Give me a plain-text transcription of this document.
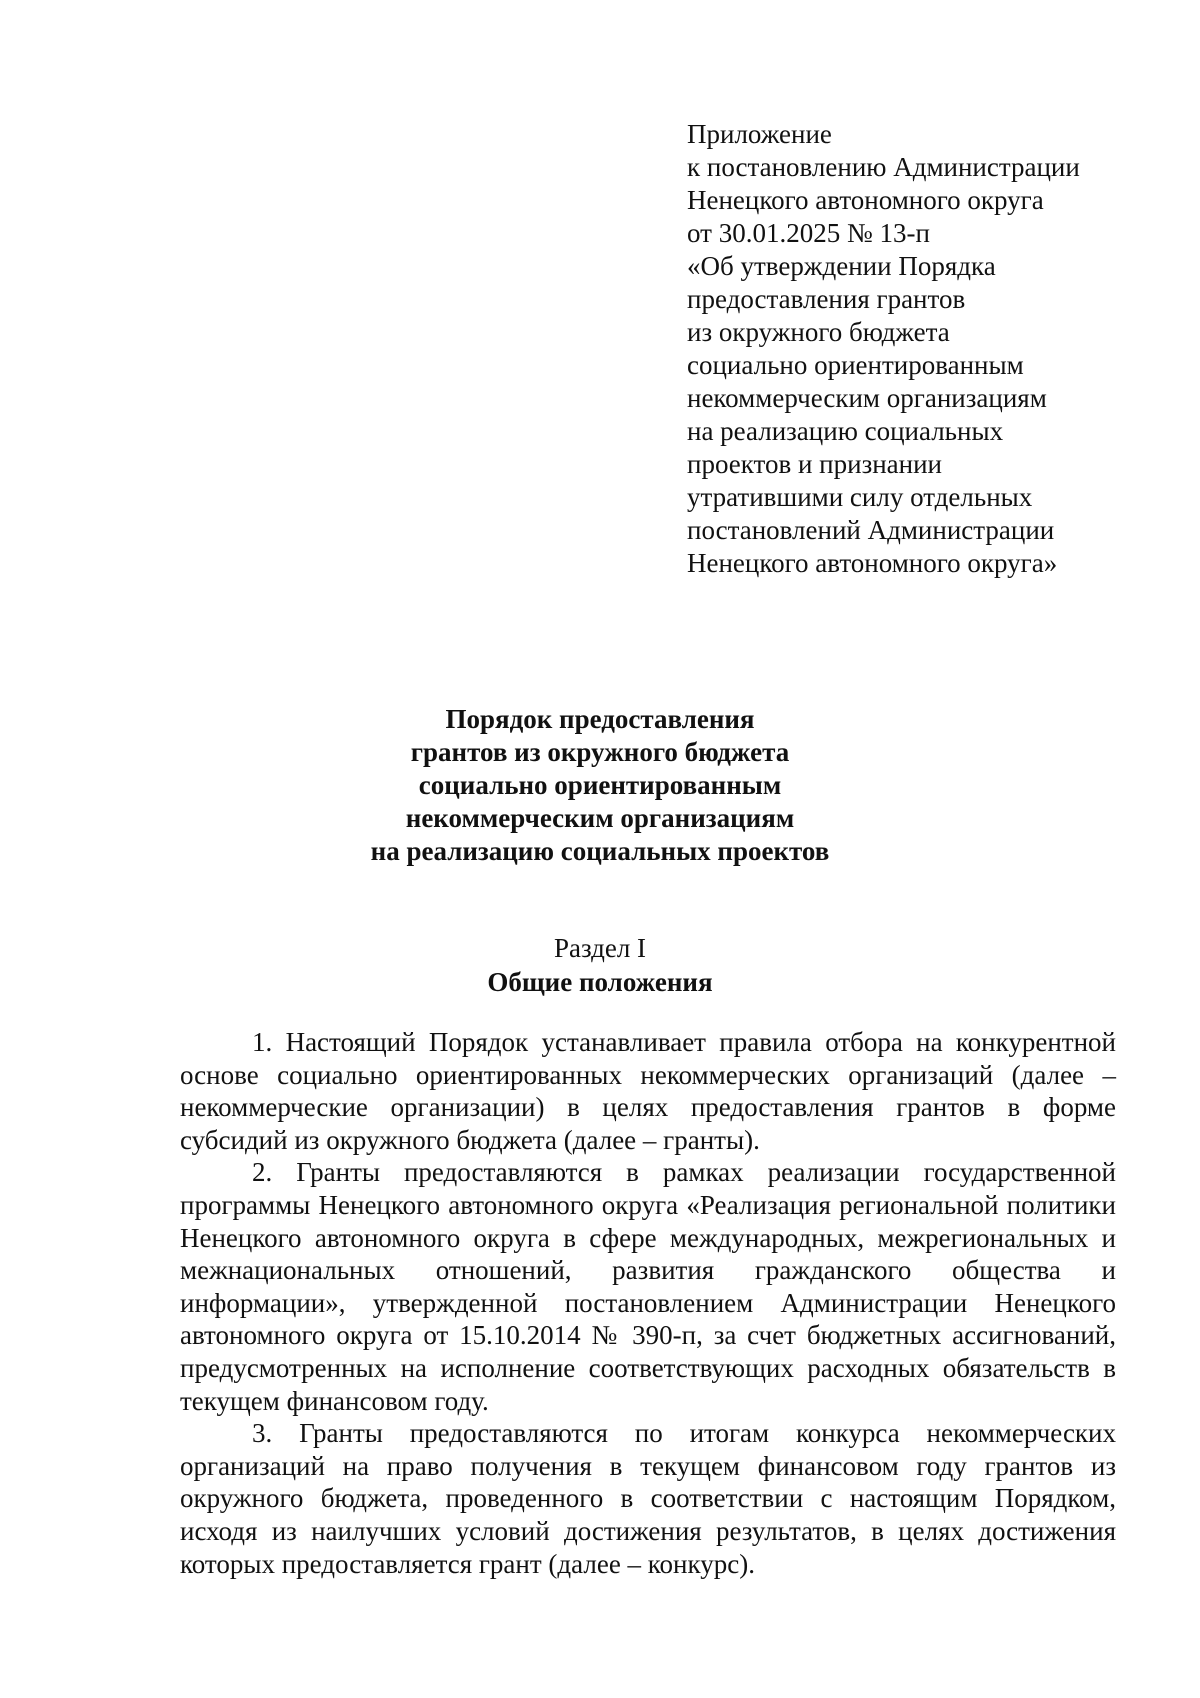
Приложение
к постановлению Администрации
Ненецкого автономного округа
от 30.01.2025 № 13-п
«Об утверждении Порядка
предоставления грантов
из окружного бюджета
социально ориентированным
некоммерческим организациям
на реализацию социальных
проектов и признании
утратившими силу отдельных
постановлений Администрации
Ненецкого автономного округа»
Порядок предоставления
грантов из окружного бюджета
социально ориентированным
некоммерческим организациям
на реализацию социальных проектов
Раздел I
Общие положения

1. Настоящий Порядок устанавливает правила отбора на конкурентной основе социально ориентированных некоммерческих организаций (далее – некоммерческие организации) в целях предоставления грантов в форме субсидий из окружного бюджета (далее – гранты).

2. Гранты предоставляются в рамках реализации государственной программы Ненецкого автономного округа «Реализация региональной политики Ненецкого автономного округа в сфере международных, межрегиональных и межнациональных отношений, развития гражданского общества и информации», утвержденной постановлением Администрации Ненецкого автономного округа от 15.10.2014 № 390-п, за счет бюджетных ассигнований, предусмотренных на исполнение соответствующих расходных обязательств в текущем финансовом году.

3. Гранты предоставляются по итогам конкурса некоммерческих организаций на право получения в текущем финансовом году грантов из окружного бюджета, проведенного в соответствии с настоящим Порядком, исходя из наилучших условий достижения результатов, в целях достижения которых предоставляется грант (далее – конкурс).
